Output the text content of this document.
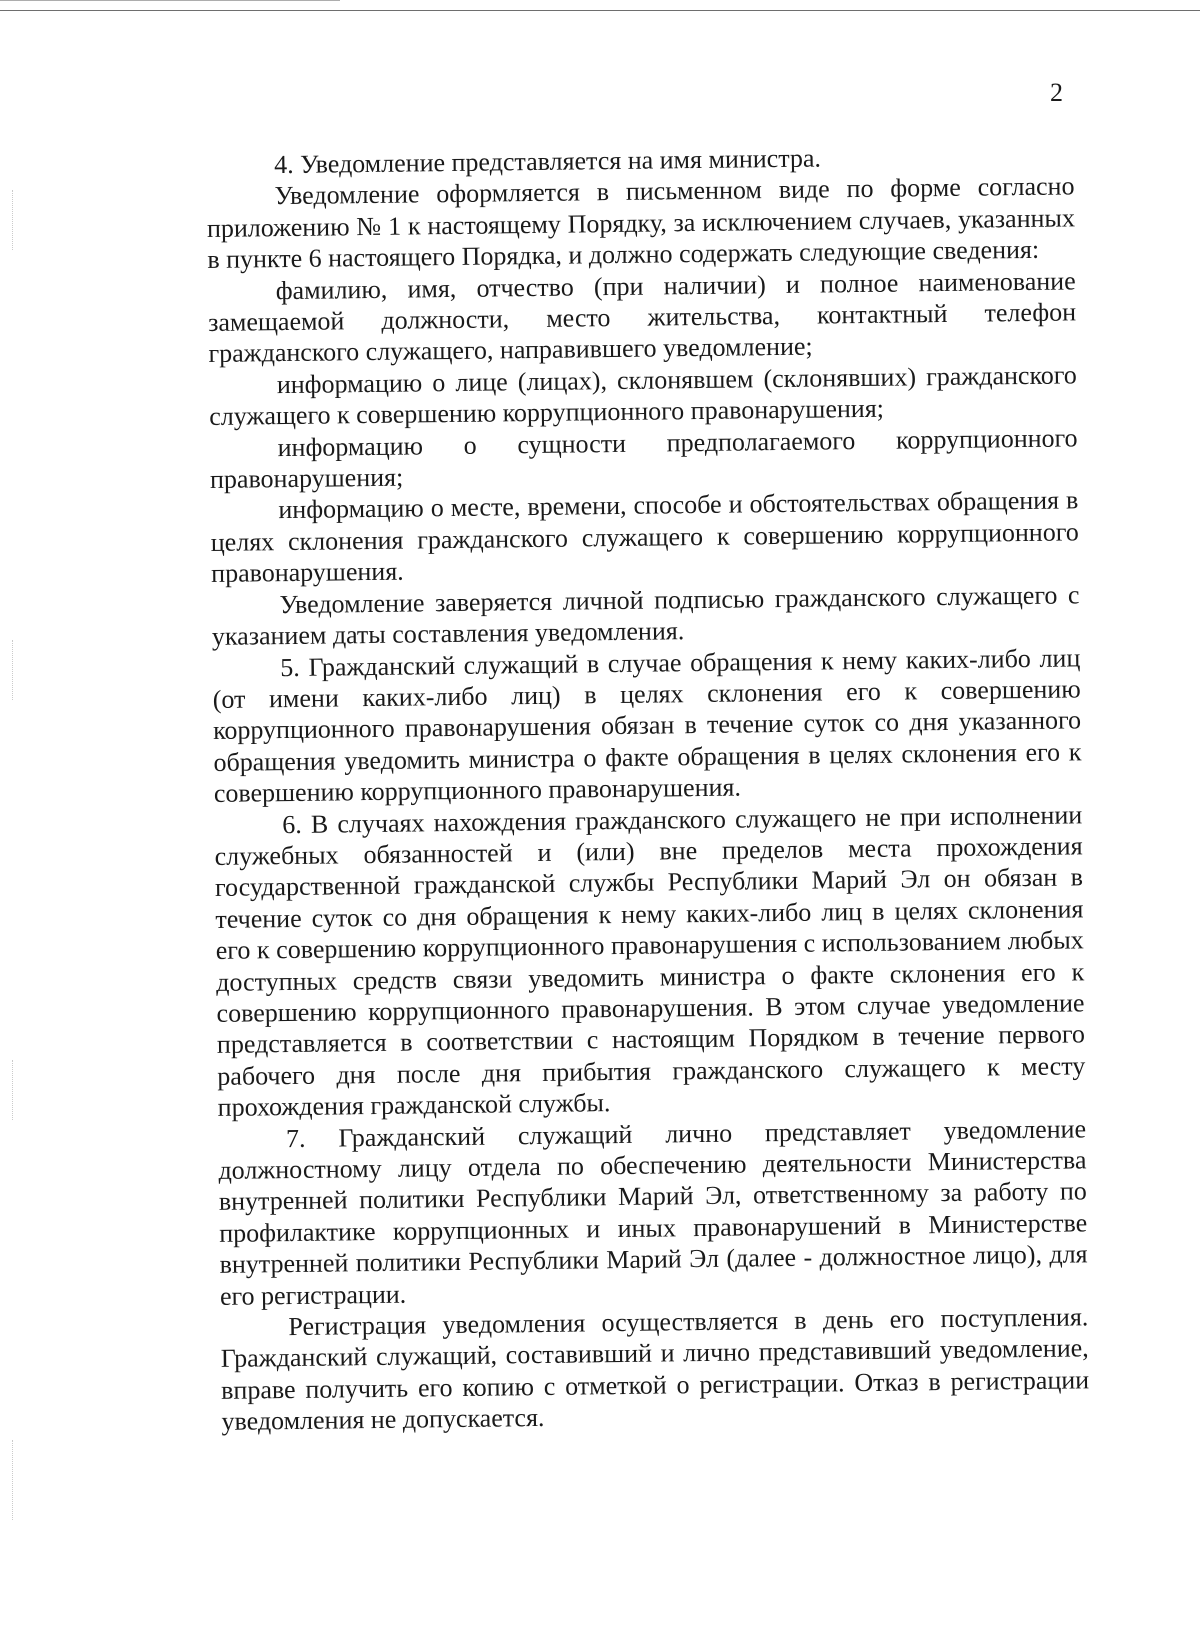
2

4. Уведомление представляется на имя министра.

Уведомление оформляется в письменном виде по форме согласно приложению № 1 к настоящему Порядку, за исключением случаев, указанных в пункте 6 настоящего Порядка, и должно содержать следующие сведения:

фамилию, имя, отчество (при наличии) и полное наименование замещаемой должности, место жительства, контактный телефон гражданского служащего, направившего уведомление;

информацию о лице (лицах), склонявшем (склонявших) гражданского служащего к совершению коррупционного правонарушения;

информацию о сущности предполагаемого коррупционного правонарушения;

информацию о месте, времени, способе и обстоятельствах обращения в целях склонения гражданского служащего к совершению коррупционного правонарушения.

Уведомление заверяется личной подписью гражданского служащего с указанием даты составления уведомления.

5. Гражданский служащий в случае обращения к нему каких-либо лиц (от имени каких-либо лиц) в целях склонения его к совершению коррупционного правонарушения обязан в течение суток со дня указанного обращения уведомить министра о факте обращения в целях склонения его к совершению коррупционного правонарушения.

6. В случаях нахождения гражданского служащего не при исполнении служебных обязанностей и (или) вне пределов места прохождения государственной гражданской службы Республики Марий Эл он обязан в течение суток со дня обращения к нему каких-либо лиц в целях склонения его к совершению коррупционного правонарушения с использованием любых доступных средств связи уведомить министра о факте склонения его к совершению коррупционного правонарушения. В этом случае уведомление представляется в соответствии с настоящим Порядком в течение первого рабочего дня после дня прибытия гражданского служащего к месту прохождения гражданской службы.

7. Гражданский служащий лично представляет уведомление должностному лицу отдела по обеспечению деятельности Министерства внутренней политики Республики Марий Эл, ответственному за работу по профилактике коррупционных и иных правонарушений в Министерстве внутренней политики Республики Марий Эл (далее - должностное лицо), для его регистрации.

Регистрация уведомления осуществляется в день его поступления. Гражданский служащий, составивший и лично представивший уведомление, вправе получить его копию с отметкой о регистрации. Отказ в регистрации уведомления не допускается.
